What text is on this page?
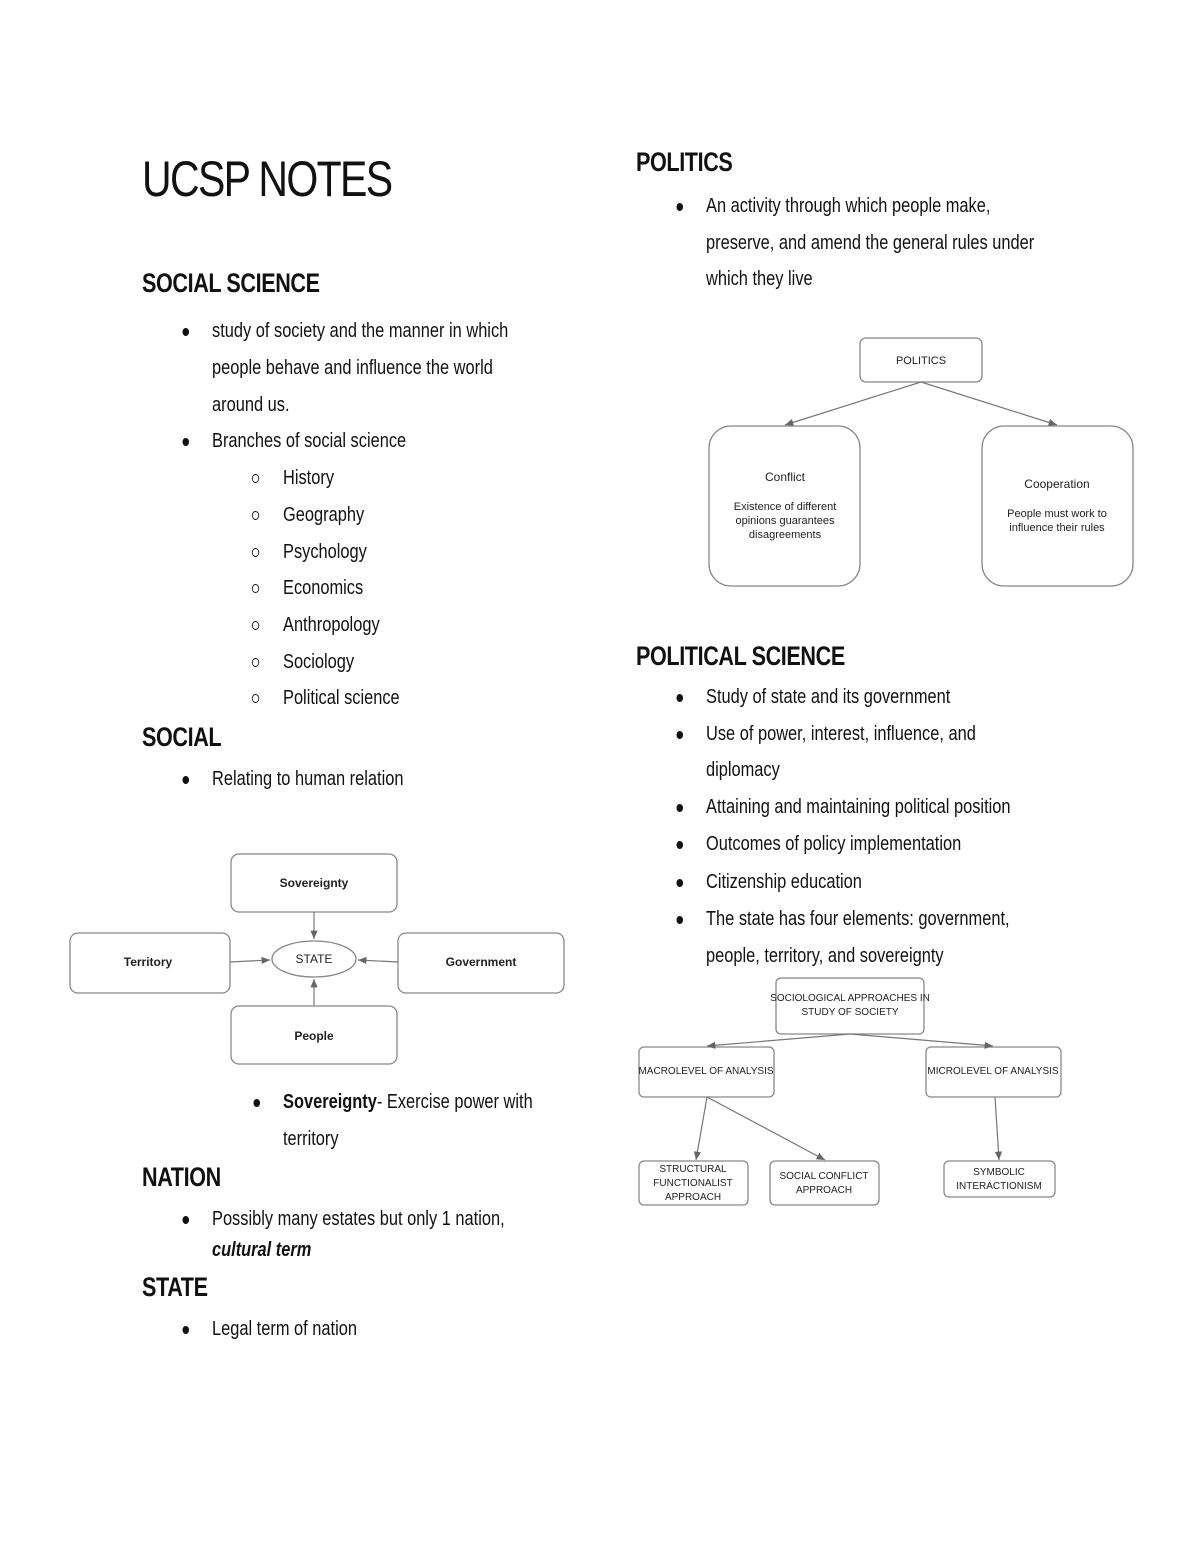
UCSP NOTES
SOCIAL SCIENCE
study of society and the manner in which
people behave and influence the world
around us.
Branches of social science
History
Geography
Psychology
Economics
Anthropology
Sociology
Political science
SOCIAL
Relating to human relation
Sovereignty
Territory	Government
People
STATE
Sovereignty- Exercise power with
territory
NATION
Possibly many estates but only 1 nation,
cultural term
STATE
Legal term of nation
POLITICS
An activity through which people make,
preserve, and amend the general rules under
which they live
POLITICS
Conflict
Existence of different
opinions guarantees
disagreements
Cooperation
People must work to
influence their rules
POLITICAL SCIENCE
Study of state and its government
Use of power, interest, influence, and
diplomacy
Attaining and maintaining political position
Outcomes of policy implementation
Citizenship education
The state has four elements: government,
people, territory, and sovereignty
SOCIOLOGICAL APPROACHES IN
STUDY OF SOCIETY
MACROLEVEL OF ANALYSIS	MICROLEVEL OF ANALYSIS
STRUCTURAL
FUNCTIONALIST
APPROACH
SOCIAL CONFLICT
APPROACH
SYMBOLIC
INTERACTIONISM
